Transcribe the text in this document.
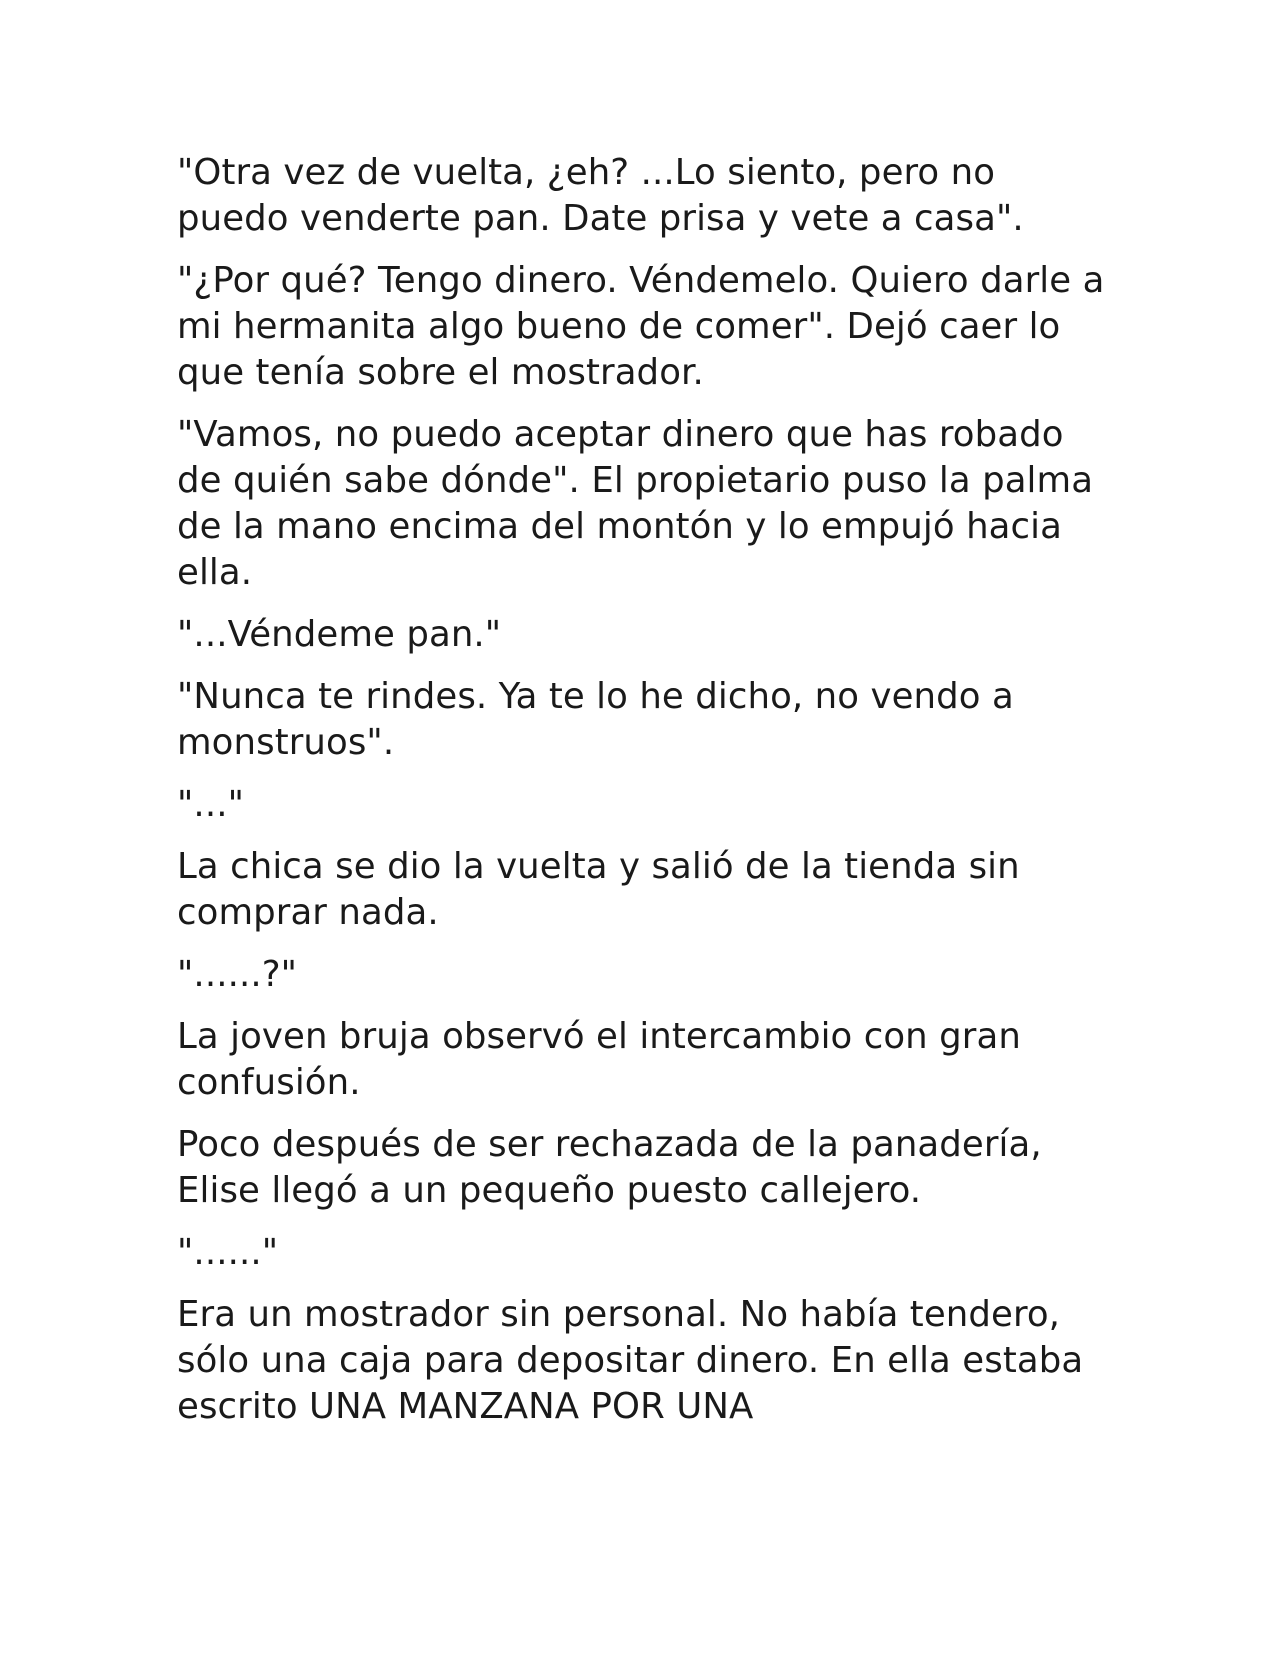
"Otra vez de vuelta, ¿eh? ...Lo siento, pero no puedo venderte pan. Date prisa y vete a casa".

"¿Por qué? Tengo dinero. Véndemelo. Quiero darle a mi hermanita algo bueno de comer". Dejó caer lo que tenía sobre el mostrador.

"Vamos, no puedo aceptar dinero que has robado de quién sabe dónde". El propietario puso la palma de la mano encima del montón y lo empujó hacia ella.

"...Véndeme pan."

"Nunca te rindes. Ya te lo he dicho, no vendo a monstruos".

"..."

La chica se dio la vuelta y salió de la tienda sin comprar nada.

"......?"

La joven bruja observó el intercambio con gran confusión.

Poco después de ser rechazada de la panadería, Elise llegó a un pequeño puesto callejero.

"......"

Era un mostrador sin personal. No había tendero, sólo una caja para depositar dinero. En ella estaba escrito UNA MANZANA POR UNA
